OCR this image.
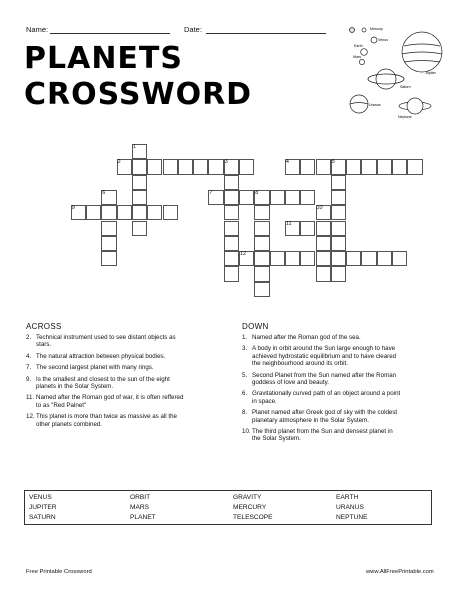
Name:	Date:
PLANETS
CROSSWORD
Mercury
Venus
Earth
Mars
Jupiter
Saturn
Uranus
Neptune
1
2	3	4	5
6	7	8
9	10
11
12
ACROSS	DOWN
2. Technical instrument used to see distant objects as
stars.
4. The natural attraction between physical bodies.
7. The second largest planet with many rings.
9. Is the smallest and closest to the sun of the eight
planets in the Solar System.
11. Named after the Roman god of war, it is often reffered
to as "Red Palnet"
12. This planet is more than twice as massive as all the
other planets combined.
1. Named after the Roman god of the sea.
3. A body in orbit around the Sun large enough to have
achieved hydrostatic equilibrium and to have cleared
the neighbourhood around its orbit.
5. Second Planet from the Sun named after the Roman
goddess of love and beauty.
6. Gravitationally curved path of an object around a point
in space.
8. Planet named after Greek god of sky with the coldest
planetary atmosphere in the Solar System.
10. The third planet from the Sun and densest planet in
the Solar System.
VENUS	ORBIT	GRAVITY	EARTH
JUPITER	MARS	MERCURY	URANUS
SATURN	PLANET	TELESCOPE	NEPTUNE
Free Printable Crossword	www.AllFreePrintable.com
